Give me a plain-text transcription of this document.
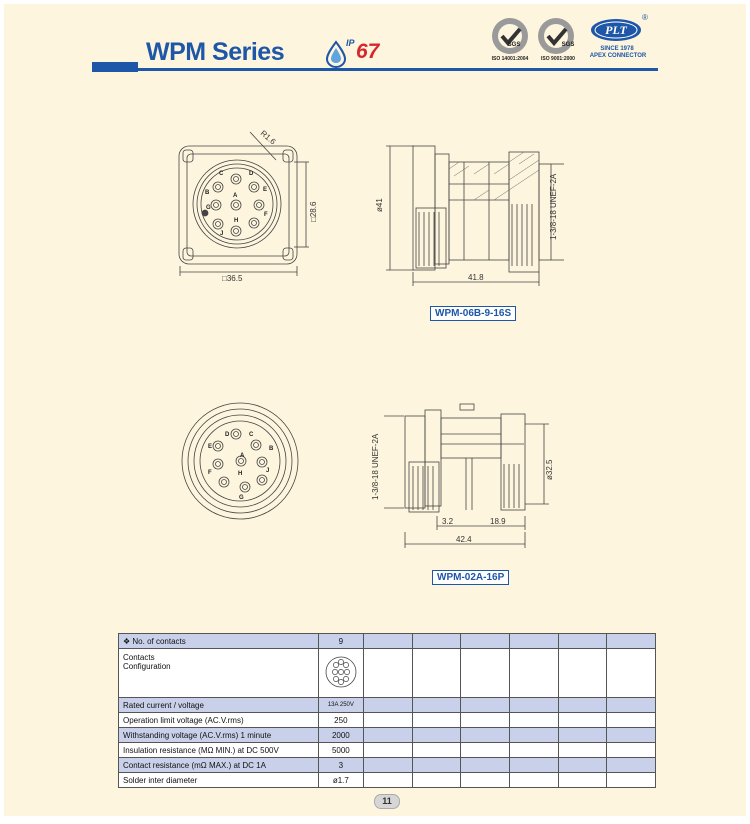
WPM Series	IP 67	SGS
ISO 14001:2004
SGS
ISO 9001:2000
PLT
®
SINCE 1978
APEX CONNECTOR
R1.6
□36.5
□28.6	ø41
41.8
1-3/8-18 UNEF-2A
A
B
C	D
E
F
G
H
J
1-3/8-18 UNEF-2A	ø32.5
3.2	18.9
42.4
A
B
C
D
E
F
G
H	J
WPM-06B-9-16S
WPM-02A-16P
❖ No. of contacts	9						

Contacts
Configuration

Rated current / voltage	13A 250V						
Operation limit voltage (AC.V.rms)	250						
Withstanding voltage (AC.V.rms) 1 minute	2000						
Insulation resistance (MΩ MIN.) at DC 500V	5000						
Contact resistance (mΩ MAX.) at DC 1A	3						
Solder inter diameter	ø1.7						
11
